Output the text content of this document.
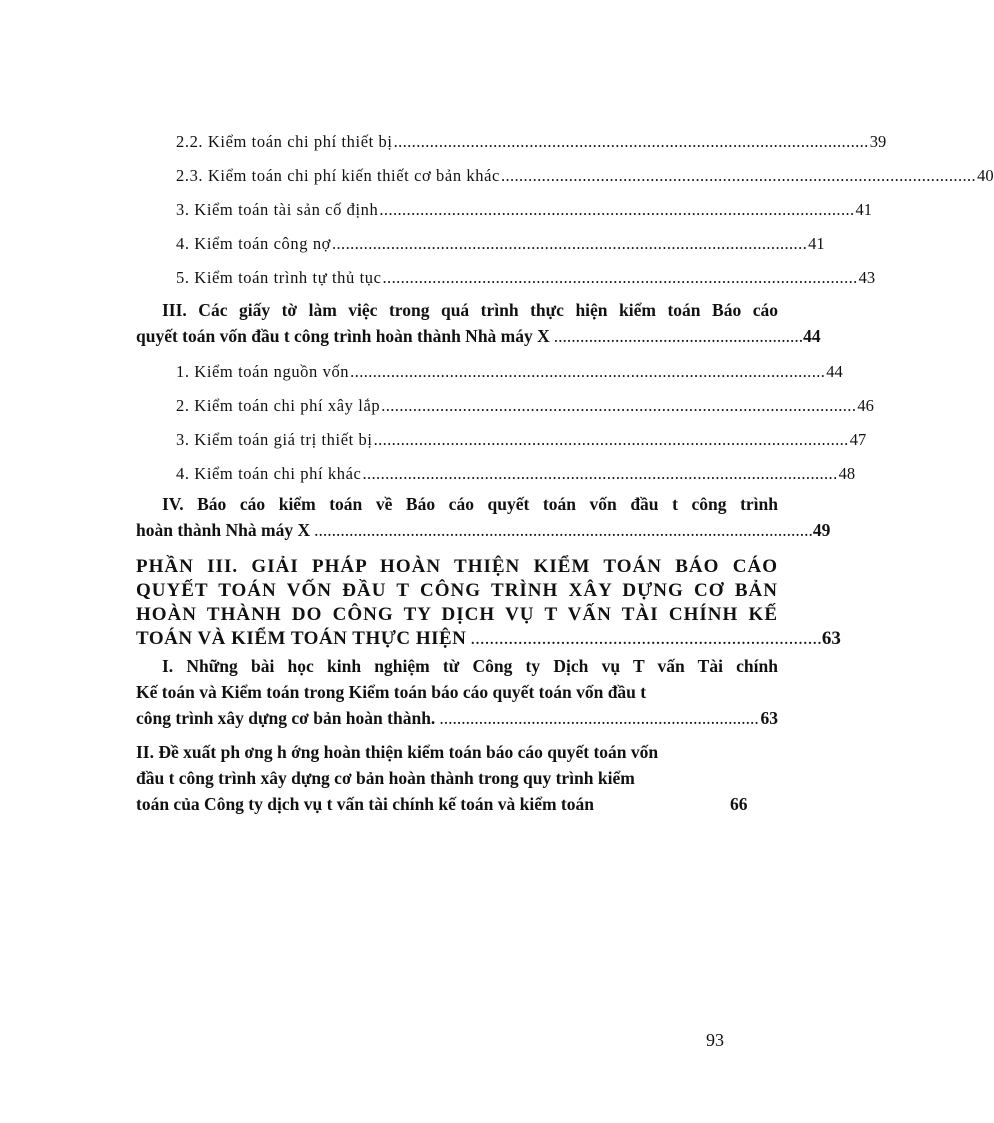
2.2. Kiểm toán chi phí thiết bị ......................................................................................................... 39
2.3. Kiểm toán chi phí kiến thiết cơ bản khác ......................................................................................................... 40
3. Kiểm toán tài sản cố định ......................................................................................................... 41
4. Kiểm toán công nợ ......................................................................................................... 41
5. Kiểm toán trình tự thủ tục ......................................................................................................... 43
III. Các giấy tờ làm việc trong quá trình thực hiện kiểm toán Báo cáo
quyết toán vốn đầu t công trình hoàn thành Nhà máy X ......................................................... 44
1. Kiểm toán nguồn vốn ......................................................................................................... 44
2. Kiểm toán chi phí xây lắp ......................................................................................................... 46
3. Kiểm toán giá trị thiết bị ......................................................................................................... 47
4. Kiểm toán chi phí khác ......................................................................................................... 48
IV. Báo cáo kiểm toán về Báo cáo quyết toán vốn đầu t công trình
hoàn thành Nhà máy X .................................................................................................................. 49
PHẦN III. GIẢI PHÁP HOÀN THIỆN KIỂM TOÁN BÁO CÁO
QUYẾT TOÁN VỐN ĐẦU T CÔNG TRÌNH XÂY DỰNG CƠ BẢN
HOÀN THÀNH DO CÔNG TY DỊCH VỤ T VẤN TÀI CHÍNH KẾ
TOÁN VÀ KIỂM TOÁN THỰC HIỆN .......................................................................... 63
I. Những bài học kinh nghiệm từ Công ty Dịch vụ T vấn Tài chính
Kế toán và Kiểm toán trong Kiểm toán báo cáo quyết toán vốn đầu t
công trình xây dựng cơ bản hoàn thành. ......................................................................... 63
II. Đề xuất ph ơng h ớng hoàn thiện kiểm toán báo cáo quyết toán vốn
đầu t công trình xây dựng cơ bản hoàn thành trong quy trình kiểm
toán của Công ty dịch vụ t vấn tài chính kế toán và kiểm toán	66
93
